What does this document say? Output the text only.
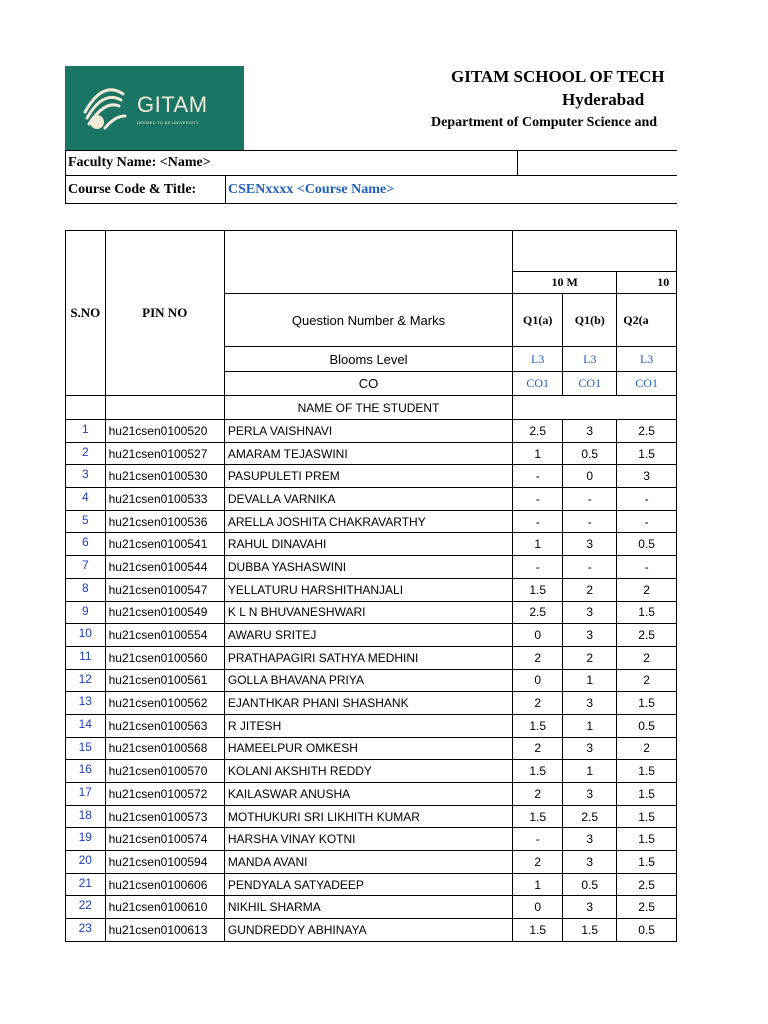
GITAM
DEEMED TO BE UNIVERSITY
GITAM SCHOOL OF TECH
Hyderabad
Department of Computer Science and
Faculty Name: <Name>
Course Code & Title: CSENxxxx <Course Name>
S.NO	PIN NO				
			10 M		10
		Question Number & Marks	Q1(a)	Q1(b)	Q2(a
		Blooms Level	L3	L3	L3
		CO	CO1	CO1	CO1
		NAME OF THE STUDENT			
1	hu21csen0100520	PERLA VAISHNAVI	2.5	3	2.5
2	hu21csen0100527	AMARAM TEJASWINI	1	0.5	1.5
3	hu21csen0100530	PASUPULETI PREM	-	0	3
4	hu21csen0100533	DEVALLA VARNIKA	-	-	-
5	hu21csen0100536	ARELLA JOSHITA CHAKRAVARTHY	-	-	-
6	hu21csen0100541	RAHUL DINAVAHI	1	3	0.5
7	hu21csen0100544	DUBBA YASHASWINI	-	-	-
8	hu21csen0100547	YELLATURU HARSHITHANJALI	1.5	2	2
9	hu21csen0100549	K L N BHUVANESHWARI	2.5	3	1.5
10	hu21csen0100554	AWARU SRITEJ	0	3	2.5
11	hu21csen0100560	PRATHAPAGIRI SATHYA MEDHINI	2	2	2
12	hu21csen0100561	GOLLA BHAVANA PRIYA	0	1	2
13	hu21csen0100562	EJANTHKAR PHANI SHASHANK	2	3	1.5
14	hu21csen0100563	R JITESH	1.5	1	0.5
15	hu21csen0100568	HAMEELPUR OMKESH	2	3	2
16	hu21csen0100570	KOLANI AKSHITH REDDY	1.5	1	1.5
17	hu21csen0100572	KAILASWAR ANUSHA	2	3	1.5
18	hu21csen0100573	MOTHUKURI SRI LIKHITH KUMAR	1.5	2.5	1.5
19	hu21csen0100574	HARSHA VINAY KOTNI	-	3	1.5
20	hu21csen0100594	MANDA AVANI	2	3	1.5
21	hu21csen0100606	PENDYALA SATYADEEP	1	0.5	2.5
22	hu21csen0100610	NIKHIL SHARMA	0	3	2.5
23	hu21csen0100613	GUNDREDDY ABHINAYA	1.5	1.5	0.5
